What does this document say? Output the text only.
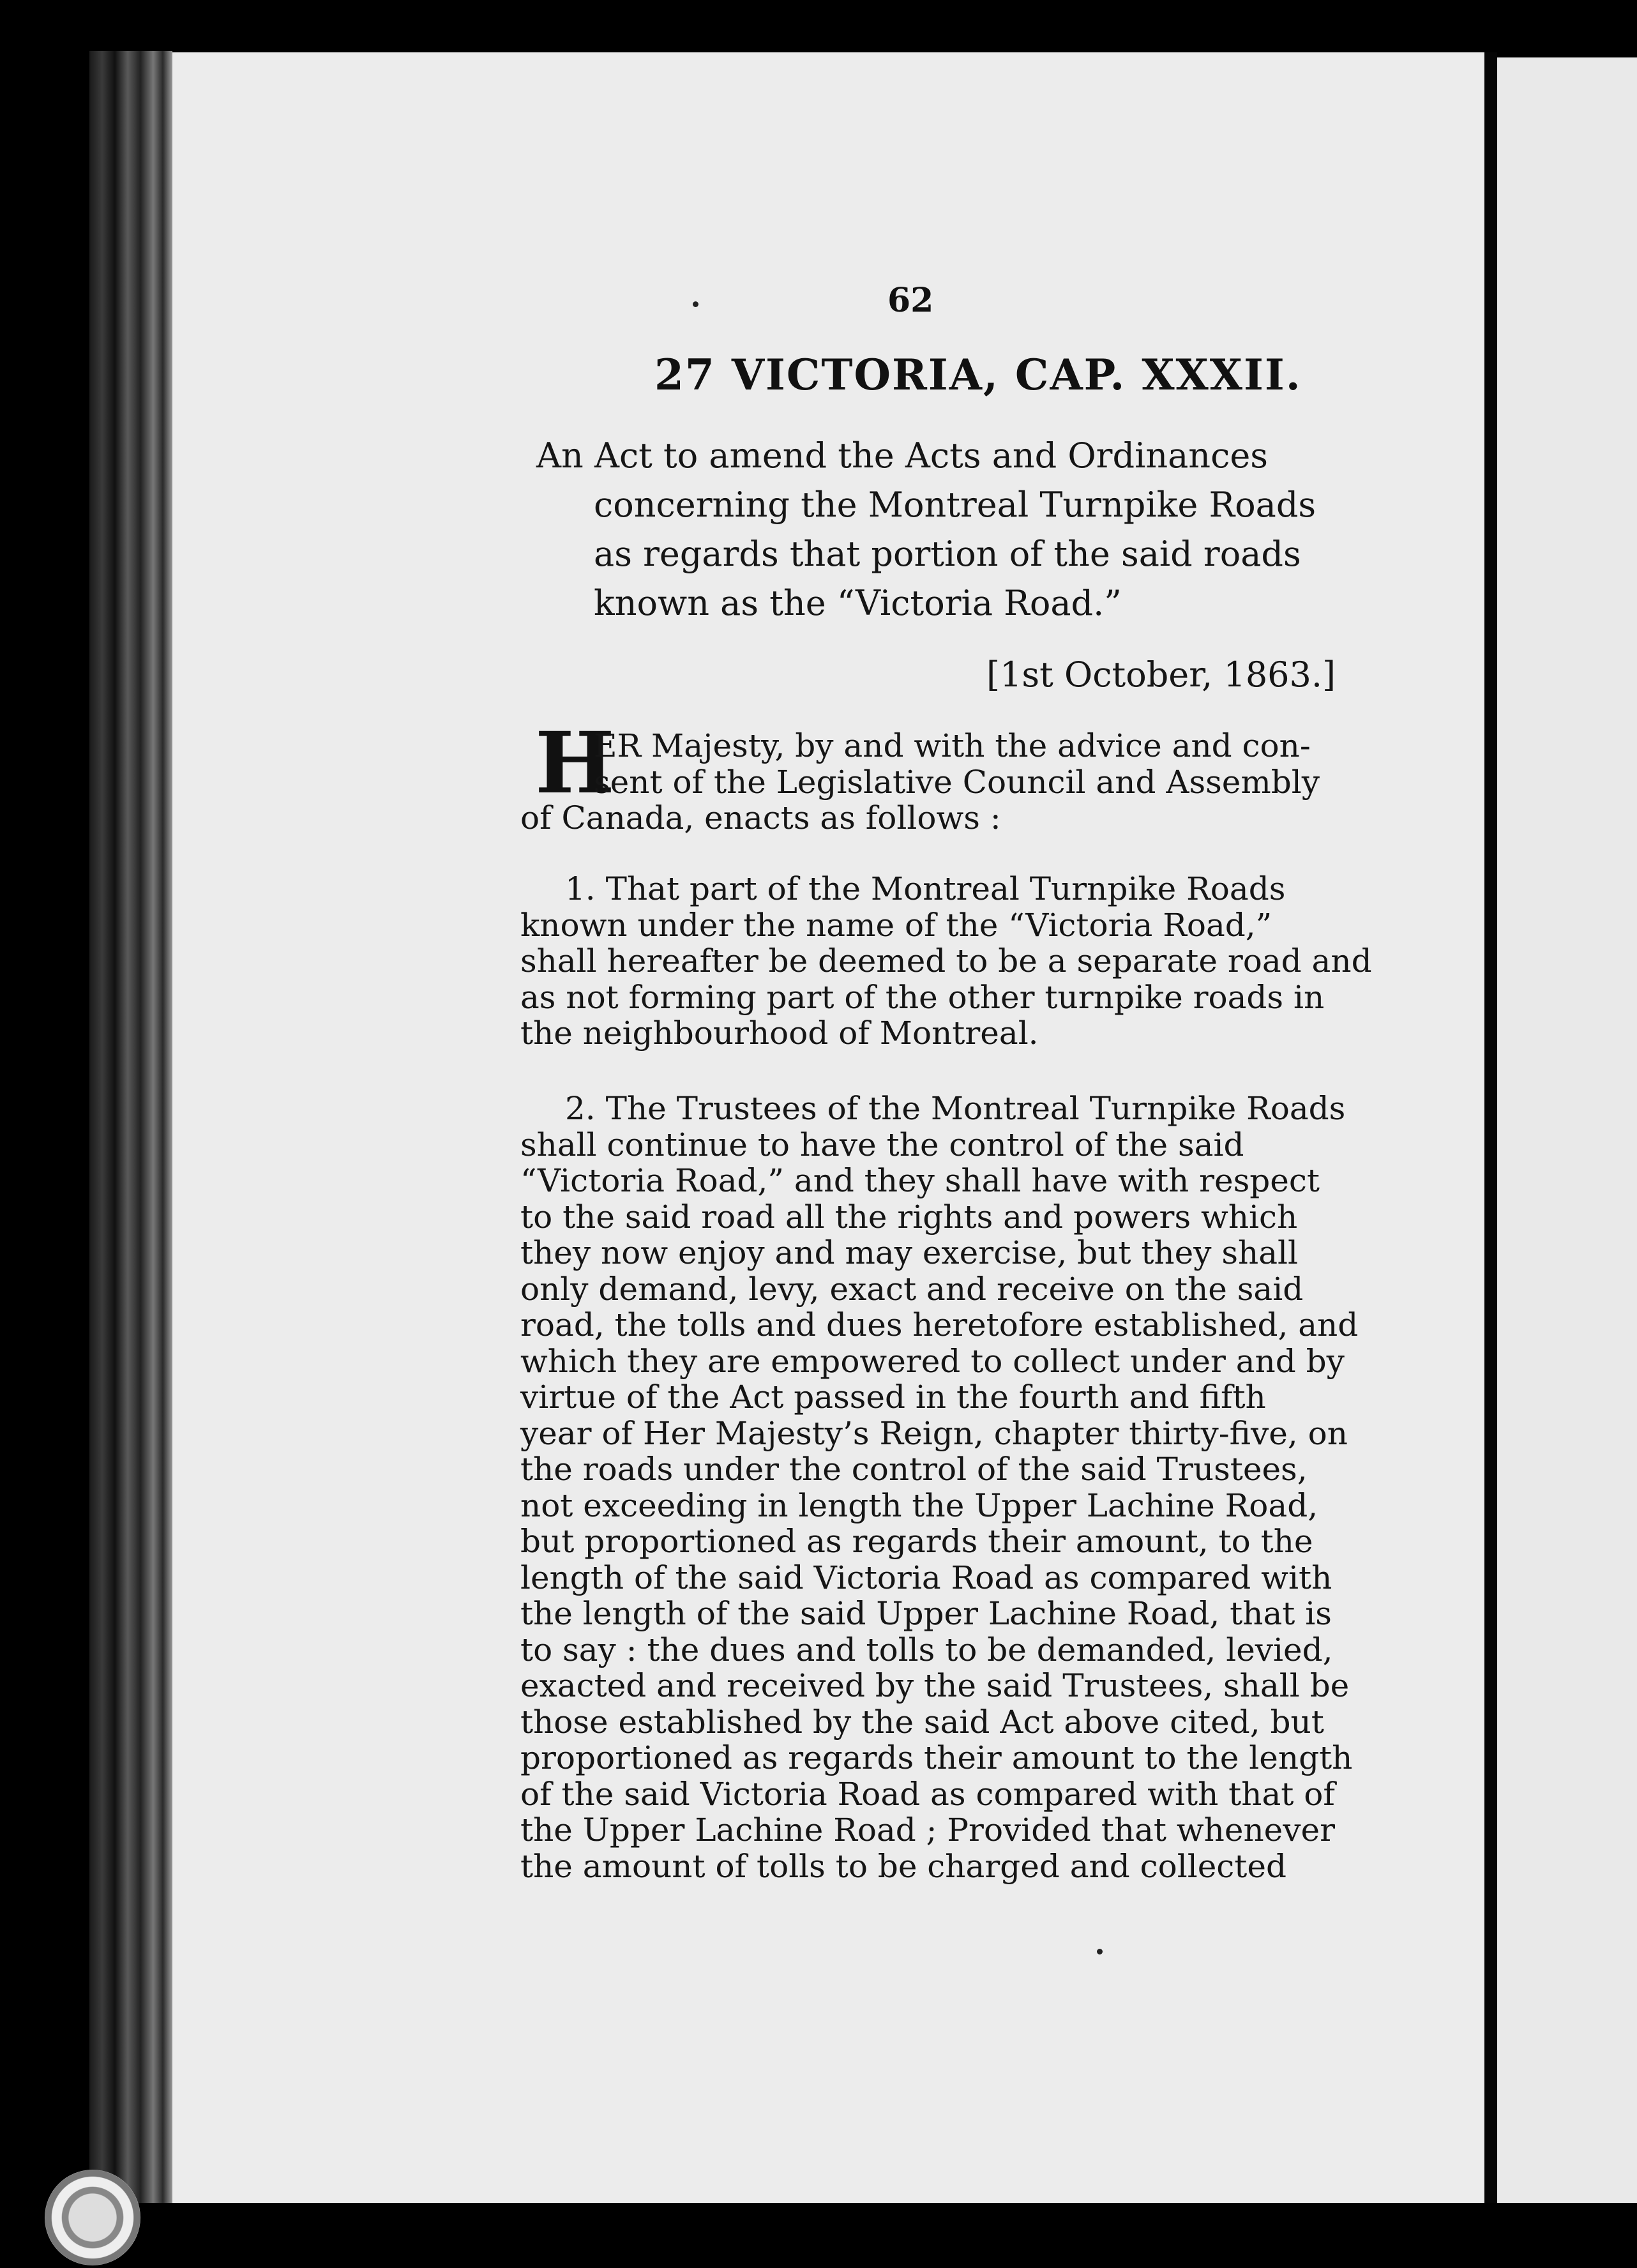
62
27 VICTORIA, CAP. XXXII.
An Act to amend the Acts and Ordinances
concerning the Montreal Turnpike Roads
as regards that portion of the said roads
known as the “Victoria Road.”
[1st October, 1863.]
H
ER Majesty, by and with the advice and con-
sent of the Legislative Council and Assembly
of Canada, enacts as follows :
1. That part of the Montreal Turnpike Roads
known under the name of the “Victoria Road,”
shall hereafter be deemed to be a separate road and
as not forming part of the other turnpike roads in
the neighbourhood of Montreal.
2. The Trustees of the Montreal Turnpike Roads
shall continue to have the control of the said
“Victoria Road,” and they shall have with respect
to the said road all the rights and powers which
they now enjoy and may exercise, but they shall
only demand, levy, exact and receive on the said
road, the tolls and dues heretofore established, and
which they are empowered to collect under and by
virtue of the Act passed in the fourth and fifth
year of Her Majesty’s Reign, chapter thirty-five, on
the roads under the control of the said Trustees,
not exceeding in length the Upper Lachine Road,
but proportioned as regards their amount, to the
length of the said Victoria Road as compared with
the length of the said Upper Lachine Road, that is
to say : the dues and tolls to be demanded, levied,
exacted and received by the said Trustees, shall be
those established by the said Act above cited, but
proportioned as regards their amount to the length
of the said Victoria Road as compared with that of
the Upper Lachine Road ; Provided that whenever
the amount of tolls to be charged and collected
